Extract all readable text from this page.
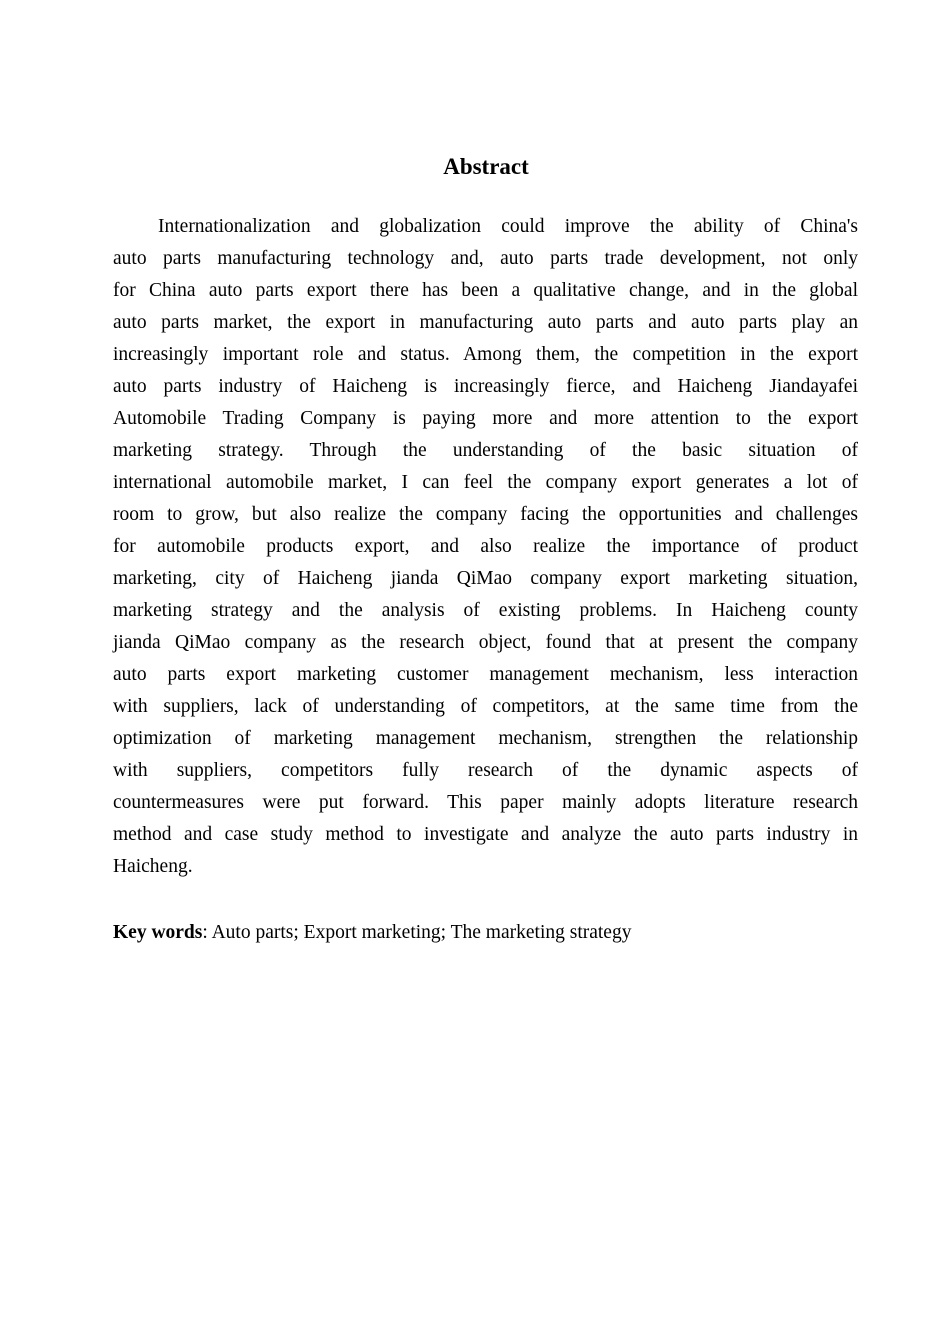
Abstract
Internationalization and globalization could improve the ability of China's
auto parts manufacturing technology and, auto parts trade development, not only
for China auto parts export there has been a qualitative change, and in the global
auto parts market, the export in manufacturing auto parts and auto parts play an
increasingly important role and status. Among them, the competition in the export
auto parts industry of Haicheng is increasingly fierce, and Haicheng Jiandayafei
Automobile Trading Company is paying more and more attention to the export
marketing strategy. Through the understanding of the basic situation of
international automobile market, I can feel the company export generates a lot of
room to grow, but also realize the company facing the opportunities and challenges
for automobile products export, and also realize the importance of product
marketing, city of Haicheng jianda QiMao company export marketing situation,
marketing strategy and the analysis of existing problems. In Haicheng county
jianda QiMao company as the research object, found that at present the company
auto parts export marketing customer management mechanism, less interaction
with suppliers, lack of understanding of competitors, at the same time from the
optimization of marketing management mechanism, strengthen the relationship
with suppliers, competitors fully research of the dynamic aspects of
countermeasures were put forward. This paper mainly adopts literature research
method and case study method to investigate and analyze the auto parts industry in
Haicheng.
Key words: Auto parts; Export marketing; The marketing strategy
